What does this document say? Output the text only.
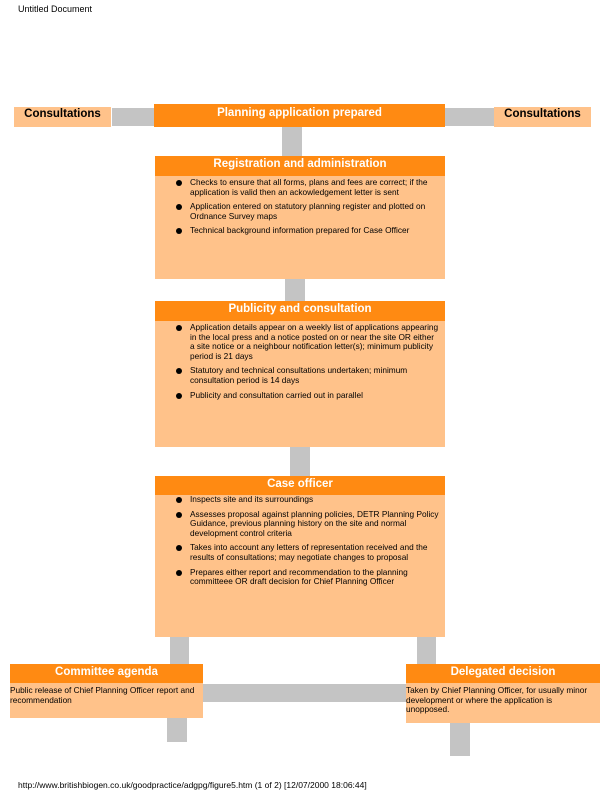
Untitled Document
Consultations	Consultations
Planning application prepared
Registration and administration
Checks to ensure that all forms, plans and fees are correct; if the application is valid then an ackowledgement letter is sent
Application entered on statutory planning register and plotted on Ordnance Survey maps
Technical background information prepared for Case Officer
Publicity and consultation
Application details appear on a weekly list of applications appearing in the local press and a notice posted on or near the site OR either a site notice or a neighbour notification letter(s); minimum publicity period is 21 days
Statutory and technical consultations undertaken; minimum consultation period is 14 days
Publicity and consultation carried out in parallel
Case officer
Inspects site and its surroundings
Assesses proposal against planning policies, DETR Planning Policy Guidance, previous planning history on the site and normal development control criteria
Takes into account any letters of representation received and the results of consultations; may negotiate changes to proposal
Prepares either report and recommendation to the planning committeee OR draft decision for Chief Planning Officer
Committee agenda
Public release of Chief Planning Officer report and recommendation
Delegated decision
Taken by Chief Planning Officer, for usually minor development or where the application is unopposed.
http://www.britishbiogen.co.uk/goodpractice/adgpg/figure5.htm (1 of 2) [12/07/2000 18:06:44]
